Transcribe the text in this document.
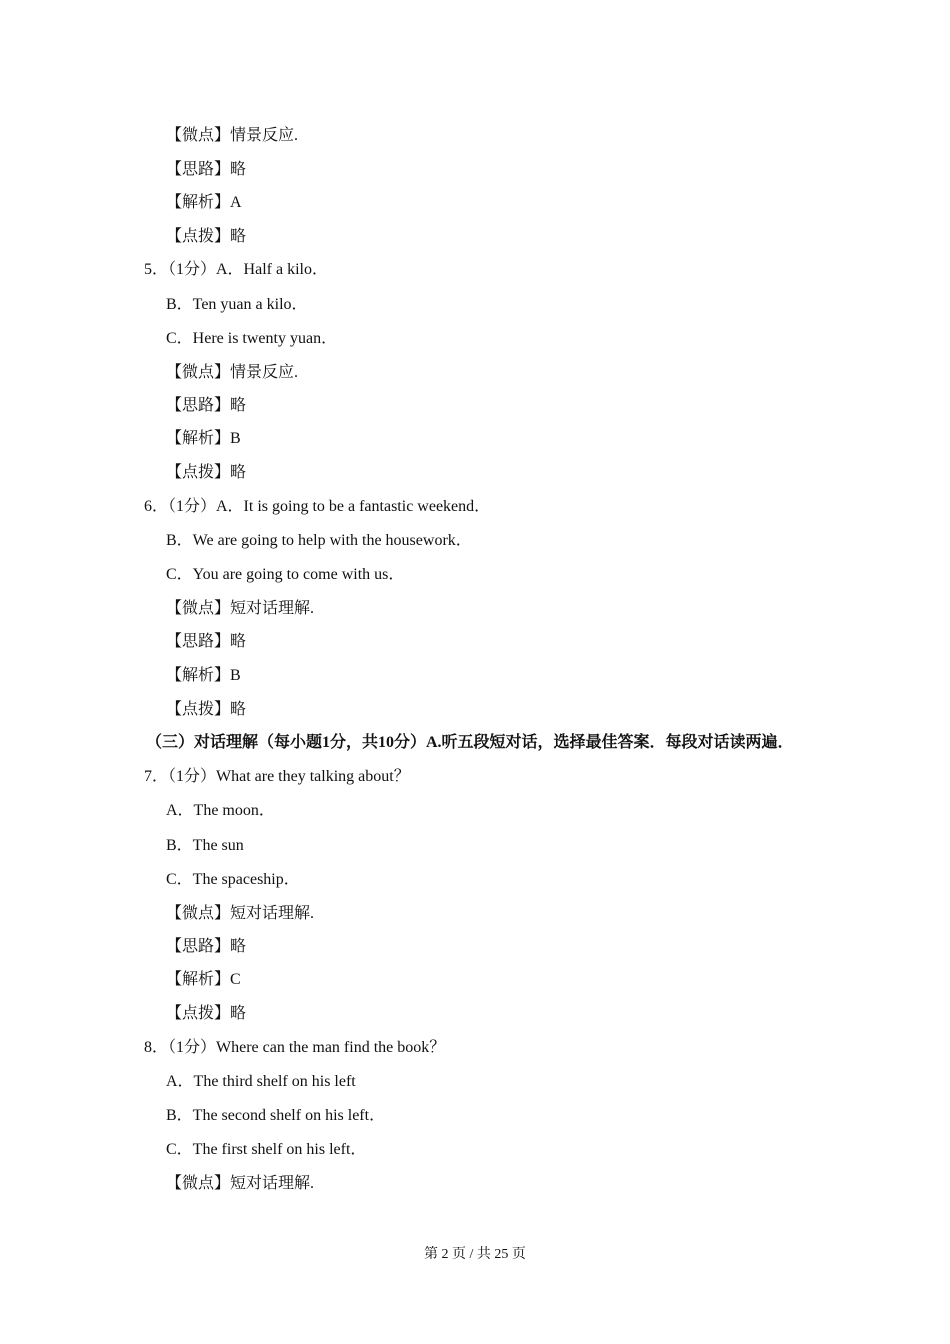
【微点】情景反应.
【思路】略
【解析】A
【点拨】略
5．（1分）A．Half a kilo．
B．Ten yuan a kilo．
C．Here is twenty yuan．
【微点】情景反应.
【思路】略
【解析】B
【点拨】略
6．（1分）A．It is going to be a fantastic weekend．
B．We are going to help with the housework．
C．You are going to come with us．
【微点】短对话理解.
【思路】略
【解析】B
【点拨】略
（三）对话理解（每小题1分，共10分）A.听五段短对话，选择最佳答案．每段对话读两遍．
7．（1分）What are they talking about？
A．The moon．
B．The sun
C．The spaceship．
【微点】短对话理解.
【思路】略
【解析】C
【点拨】略
8．（1分）Where can the man find the book？
A．The third shelf on his left
B．The second shelf on his left．
C．The first shelf on his left．
【微点】短对话理解.
第 2 页 / 共 25 页
